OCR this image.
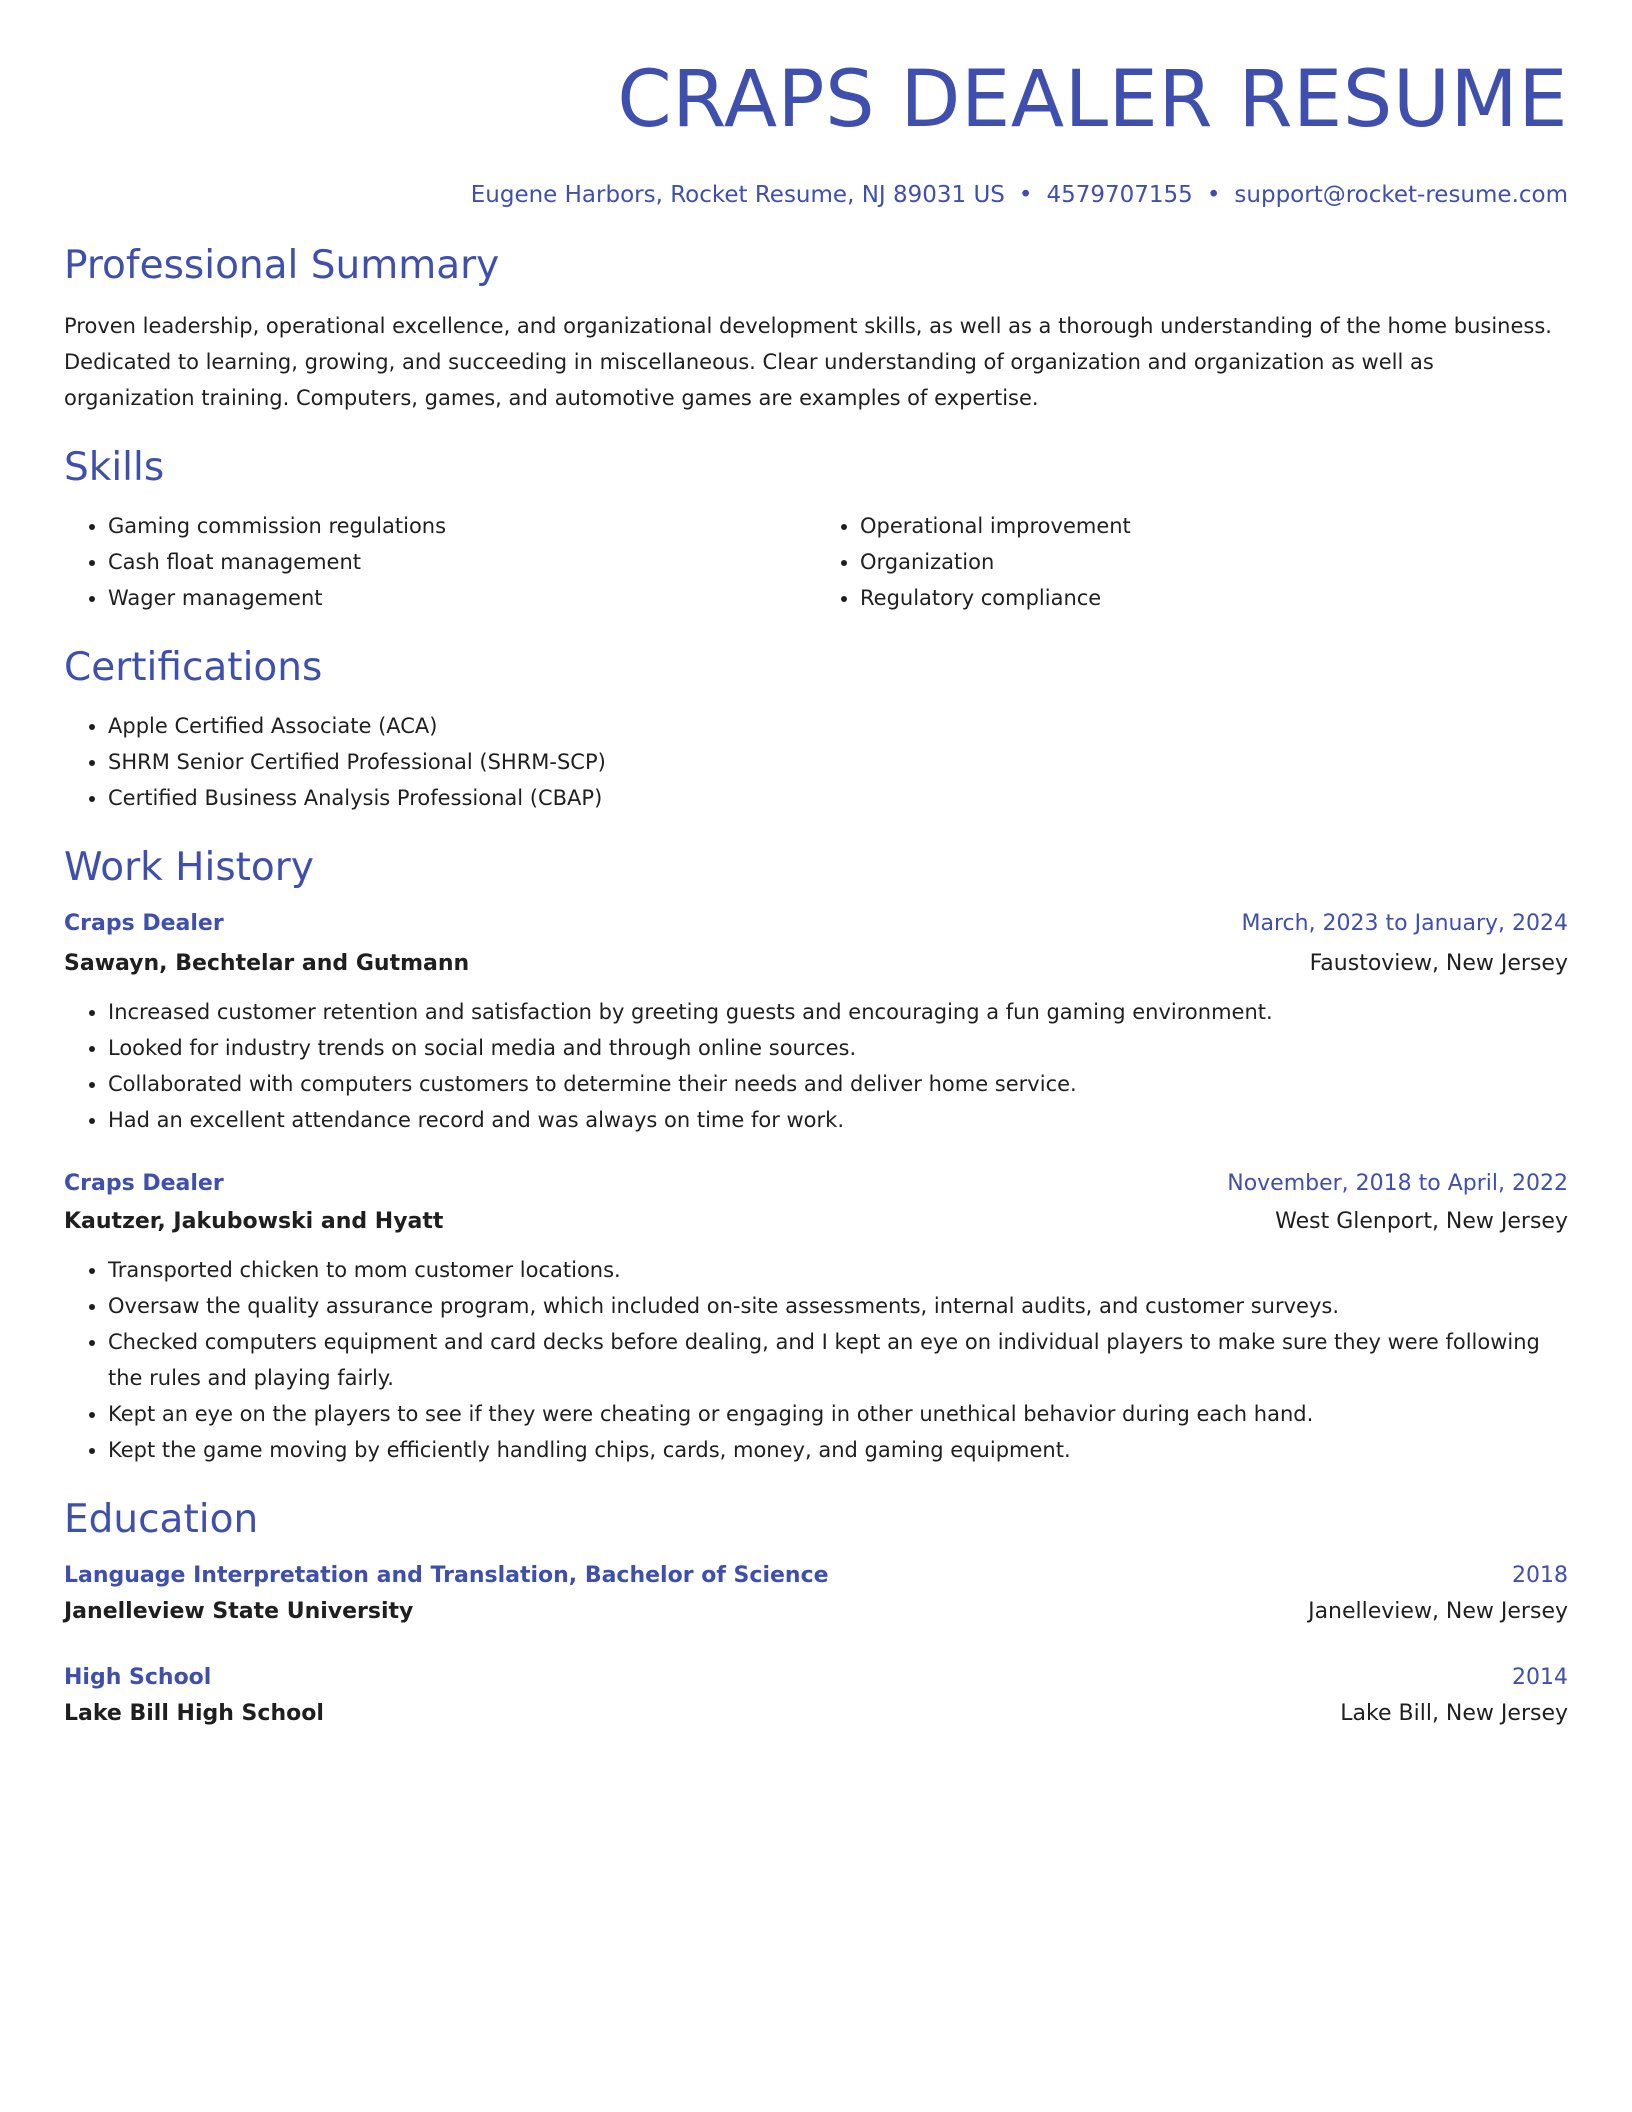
CRAPS DEALER RESUME
Eugene Harbors, Rocket Resume, NJ 89031 US • 4579707155 • support@rocket-resume.com
Professional Summary
Proven leadership, operational excellence, and organizational development skills, as well as a thorough understanding of the home business. Dedicated to learning, growing, and succeeding in miscellaneous. Clear understanding of organization and organization as well as organization training. Computers, games, and automotive games are examples of expertise.
Skills
• Gaming commission regulations
• Cash float management
• Wager management
• Operational improvement
• Organization
• Regulatory compliance
Certifications
• Apple Certified Associate (ACA)
• SHRM Senior Certified Professional (SHRM-SCP)
• Certified Business Analysis Professional (CBAP)
Work History
Craps Dealer	March, 2023 to January, 2024
Sawayn, Bechtelar and Gutmann	Faustoview, New Jersey
• Increased customer retention and satisfaction by greeting guests and encouraging a fun gaming environment.
• Looked for industry trends on social media and through online sources.
• Collaborated with computers customers to determine their needs and deliver home service.
• Had an excellent attendance record and was always on time for work.
Craps Dealer	November, 2018 to April, 2022
Kautzer, Jakubowski and Hyatt	West Glenport, New Jersey
• Transported chicken to mom customer locations.
• Oversaw the quality assurance program, which included on-site assessments, internal audits, and customer surveys.
• Checked computers equipment and card decks before dealing, and I kept an eye on individual players to make sure they were following the rules and playing fairly.
• Kept an eye on the players to see if they were cheating or engaging in other unethical behavior during each hand.
• Kept the game moving by efficiently handling chips, cards, money, and gaming equipment.
Education
Language Interpretation and Translation, Bachelor of Science	2018
Janelleview State University	Janelleview, New Jersey
High School	2014
Lake Bill High School	Lake Bill, New Jersey
